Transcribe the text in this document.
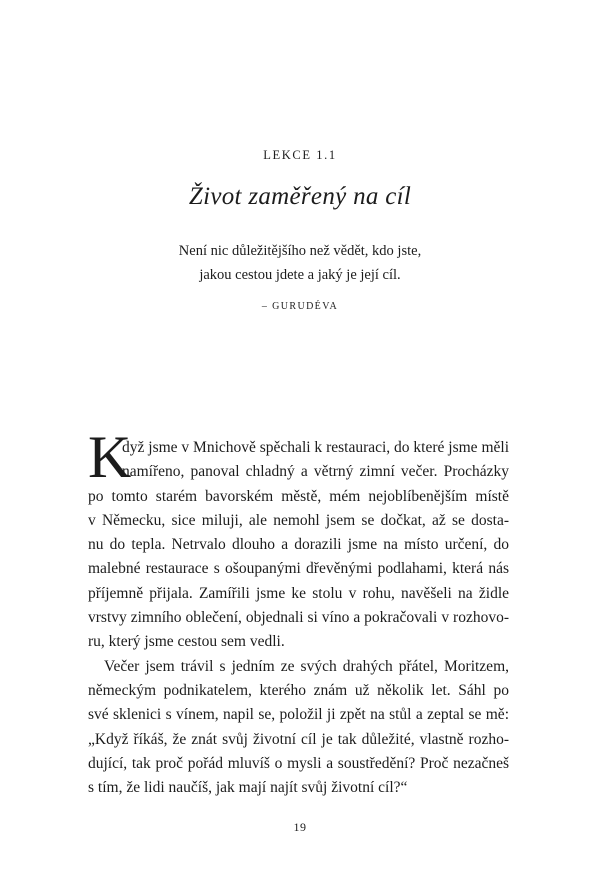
LEKCE 1.1
Život zaměřený na cíl
Není nic důležitějšího než vědět, kdo jste,
jakou cestou jdete a jaký je její cíl.
– GURUDÉVA
K
dyž jsme v Mnichově spěchali k restauraci, do které jsme měli
namířeno, panoval chladný a větrný zimní večer. Procházky
po tomto starém bavorském městě, mém nejoblíbenějším místě
v Německu, sice miluji, ale nemohl jsem se dočkat, až se dosta-
nu do tepla. Netrvalo dlouho a dorazili jsme na místo určení, do
malebné restaurace s ošoupanými dřevěnými podlahami, která nás
příjemně přijala. Zamířili jsme ke stolu v rohu, navěšeli na židle
vrstvy zimního oblečení, objednali si víno a pokračovali v rozhovo-
ru, který jsme cestou sem vedli.
Večer jsem trávil s jedním ze svých drahých přátel, Moritzem,
německým podnikatelem, kterého znám už několik let. Sáhl po
své sklenici s vínem, napil se, položil ji zpět na stůl a zeptal se mě:
„Když říkáš, že znát svůj životní cíl je tak důležité, vlastně rozho-
dující, tak proč pořád mluvíš o mysli a soustředění? Proč nezačneš
s tím, že lidi naučíš, jak mají najít svůj životní cíl?“
19
